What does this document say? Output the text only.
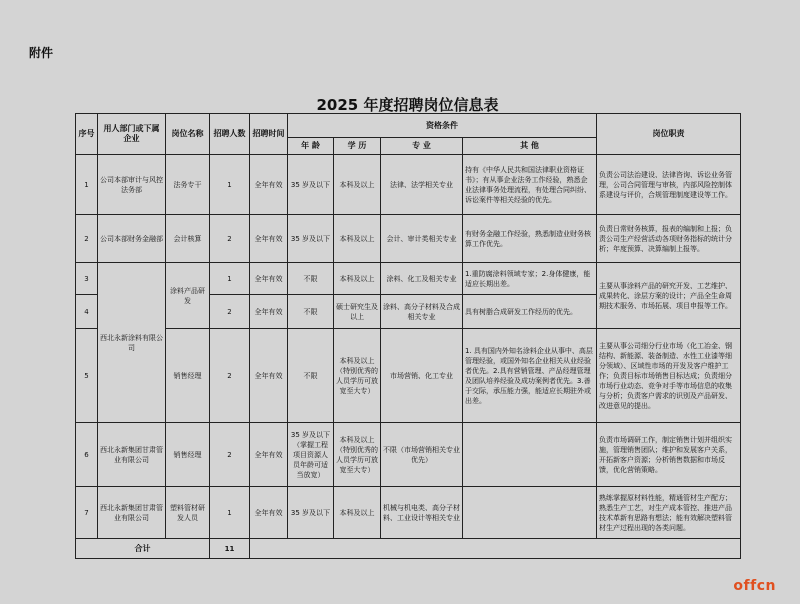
附件
2025 年度招聘岗位信息表
序号	用人部门或下属企业	岗位名称	招聘人数	招聘时间	资格条件				岗位职责
					年 龄	学 历	专 业	其 他	
1	公司本部审计与风控法务部	法务专干	1	全年有效	35 岁及以下	本科及以上	法律、法学相关专业	持有《中华人民共和国法律职业资格证书》；有从事企业法务工作经验，熟悉企业法律事务处理流程，有处理合同纠纷、诉讼案件等相关经验的优先。	负责公司法治建设、法律咨询、诉讼业务管理，公司合同管理与审核，内部风险控制体系建设与评价，合规管理制度建设等工作。
2	公司本部财务金融部	会计核算	2	全年有效	35 岁及以下	本科及以上	会计、审计类相关专业	有财务金融工作经验，熟悉制造业财务核算工作优先。	负责日常财务核算，报表的编制和上报；负责公司生产经营活动各项财务指标的统计分析；年度预算、决算编制上报等。
3	西北永新涂料有限公司	涂料产品研发	1	全年有效	不限	本科及以上	涂料、化工及相关专业	1.重防腐涂料领域专家；2.身体健康，能适应长期出差。	主要从事涂料产品的研究开发、工艺维护、成果转化、涂层方案的设计；产品全生命周期技术服务、市场拓展、项目申报等工作。
4			2	全年有效	不限	硕士研究生及以上	涂料、高分子材料及合成相关专业	具有树脂合成研发工作经历的优先。	
5		销售经理	2	全年有效	不限	本科及以上（特别优秀的人员学历可放宽至大专）	市场营销、化工专业	1. 具有国内外知名涂料企业从事中、高层管理经验，或国外知名企业相关从业经验者优先。2.具有营销管理、产品经理管理及团队培养经验及成功案例者优先。3.善于交际，承压能力强，能适应长期驻外或出差。	主要从事公司细分行业市场（化工冶金、钢结构、新能源、装备制造、水性工业漆等细分领域）、区域性市场的开发及客户维护工作；负责目标市场销售目标达成；负责细分市场行业动态、竞争对手等市场信息的收集与分析；负责客户需求的识别及产品研发、改进意见的提出。
6	西北永新集团甘肃管业有限公司	销售经理	2	全年有效	35 岁及以下（掌握工程项目资源人员年龄可适当放宽）	本科及以上（特别优秀的人员学历可放宽至大专）	不限（市场营销相关专业优先）		负责市场调研工作，制定销售计划并组织实施，管理销售团队；维护和发展客户关系，开拓新客户资源；分析销售数据和市场反馈，优化营销策略。
7	西北永新集团甘肃管业有限公司	塑料管材研发人员	1	全年有效	35 岁及以下	本科及以上	机械与机电类、高分子材料、工业设计等相关专业		熟练掌握原材料性能，精通管材生产配方；熟悉生产工艺，对生产成本管控、推进产品技术革新有思路有想法；能有效解决塑料管材生产过程出现的各类问题。
合计			11						
offcn
